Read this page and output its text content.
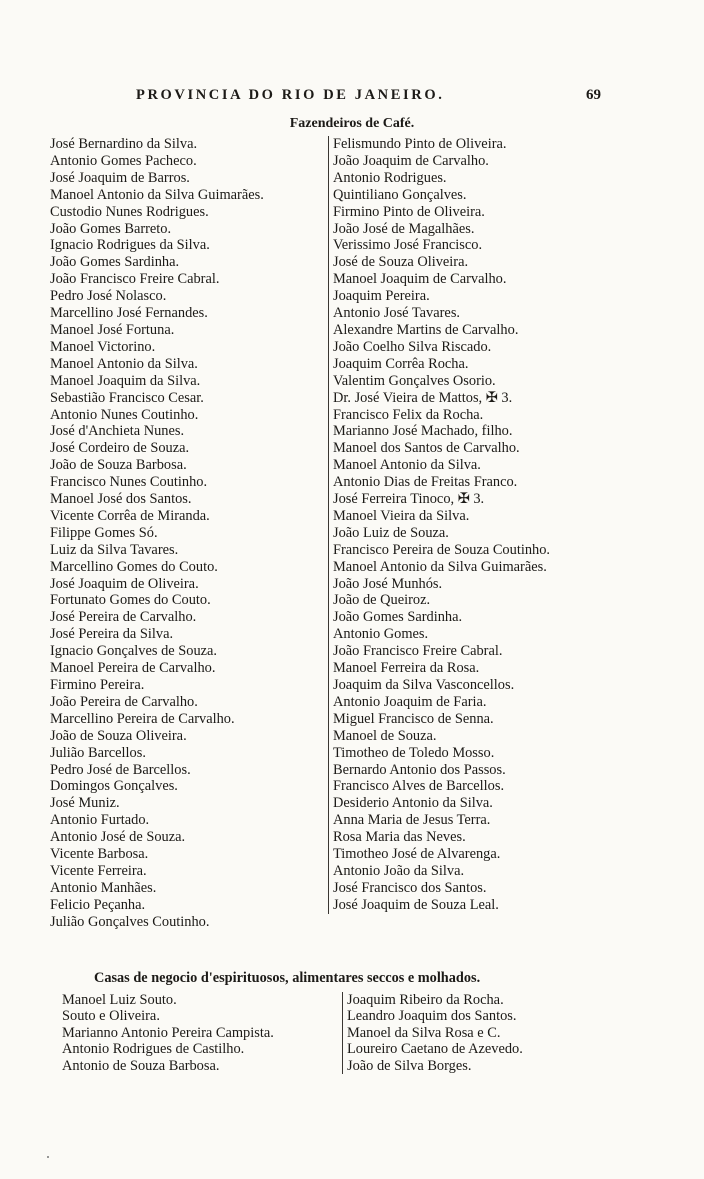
PROVINCIA DO RIO DE JANEIRO.	69
Fazendeiros de Café.
José Bernardino da Silva.
Antonio Gomes Pacheco.
José Joaquim de Barros.
Manoel Antonio da Silva Guimarães.
Custodio Nunes Rodrigues.
João Gomes Barreto.
Ignacio Rodrigues da Silva.
João Gomes Sardinha.
João Francisco Freire Cabral.
Pedro José Nolasco.
Marcellino José Fernandes.
Manoel José Fortuna.
Manoel Victorino.
Manoel Antonio da Silva.
Manoel Joaquim da Silva.
Sebastião Francisco Cesar.
Antonio Nunes Coutinho.
José d'Anchieta Nunes.
José Cordeiro de Souza.
João de Souza Barbosa.
Francisco Nunes Coutinho.
Manoel José dos Santos.
Vicente Corrêa de Miranda.
Filippe Gomes Só.
Luiz da Silva Tavares.
Marcellino Gomes do Couto.
José Joaquim de Oliveira.
Fortunato Gomes do Couto.
José Pereira de Carvalho.
José Pereira da Silva.
Ignacio Gonçalves de Souza.
Manoel Pereira de Carvalho.
Firmino Pereira.
João Pereira de Carvalho.
Marcellino Pereira de Carvalho.
João de Souza Oliveira.
Julião Barcellos.
Pedro José de Barcellos.
Domingos Gonçalves.
José Muniz.
Antonio Furtado.
Antonio José de Souza.
Vicente Barbosa.
Vicente Ferreira.
Antonio Manhães.
Felicio Peçanha.
Julião Gonçalves Coutinho.
Felismundo Pinto de Oliveira.
João Joaquim de Carvalho.
Antonio Rodrigues.
Quintiliano Gonçalves.
Firmino Pinto de Oliveira.
João José de Magalhães.
Verissimo José Francisco.
José de Souza Oliveira.
Manoel Joaquim de Carvalho.
Joaquim Pereira.
Antonio José Tavares.
Alexandre Martins de Carvalho.
João Coelho Silva Riscado.
Joaquim Corrêa Rocha.
Valentim Gonçalves Osorio.
Dr. José Vieira de Mattos, ✠ 3.
Francisco Felix da Rocha.
Marianno José Machado, filho.
Manoel dos Santos de Carvalho.
Manoel Antonio da Silva.
Antonio Dias de Freitas Franco.
José Ferreira Tinoco, ✠ 3.
Manoel Vieira da Silva.
João Luiz de Souza.
Francisco Pereira de Souza Coutinho.
Manoel Antonio da Silva Guimarães.
João José Munhós.
João de Queiroz.
João Gomes Sardinha.
Antonio Gomes.
João Francisco Freire Cabral.
Manoel Ferreira da Rosa.
Joaquim da Silva Vasconcellos.
Antonio Joaquim de Faria.
Miguel Francisco de Senna.
Manoel de Souza.
Timotheo de Toledo Mosso.
Bernardo Antonio dos Passos.
Francisco Alves de Barcellos.
Desiderio Antonio da Silva.
Anna Maria de Jesus Terra.
Rosa Maria das Neves.
Timotheo José de Alvarenga.
Antonio João da Silva.
José Francisco dos Santos.
José Joaquim de Souza Leal.
Casas de negocio d'espirituosos, alimentares seccos e molhados.
Manoel Luiz Souto.
Souto e Oliveira.
Marianno Antonio Pereira Campista.
Antonio Rodrigues de Castilho.
Antonio de Souza Barbosa.
Joaquim Ribeiro da Rocha.
Leandro Joaquim dos Santos.
Manoel da Silva Rosa e C.
Loureiro Caetano de Azevedo.
João de Silva Borges.
